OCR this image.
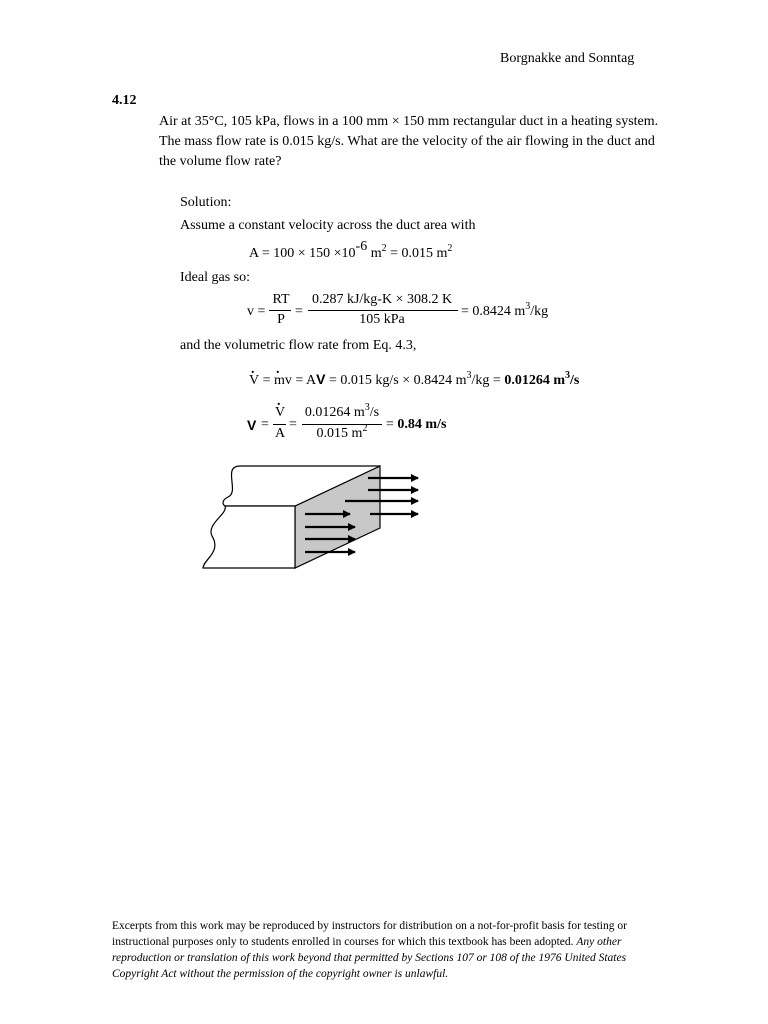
Borgnakke and Sonntag
4.12
Air at 35°C, 105 kPa, flows in a 100 mm × 150 mm rectangular duct in a heating system. The mass flow rate is 0.015 kg/s. What are the velocity of the air flowing in the duct and the volume flow rate?
Solution:
Assume a constant velocity across the duct area with
$A = 100 \times 150 \times 10^{-6}$ $m^2 = 0.015$ $m^2$
Ideal gas so:
v =
RT
P
=
0.287 kJ/kg-K × 308.2 K
105 kPa
= 0.8424 $m^3/kg$
and the volumetric flow rate from Eq. 4.3,
. V = . mv = AV = 0.015 kg/s × 0.8424 $m^3/kg = 0.01264$ $m^3/s$
V =
. V
A
=
0.01264 $m^3/s$
0.015 $m^2$	= 0.84 m/s
Excerpts from this work may be reproduced by instructors for distribution on a not-for-profit basis for testing or instructional purposes only to students enrolled in courses for which this textbook has been adopted. Any other reproduction or translation of this work beyond that permitted by Sections 107 or 108 of the 1976 United States Copyright Act without the permission of the copyright owner is unlawful.
